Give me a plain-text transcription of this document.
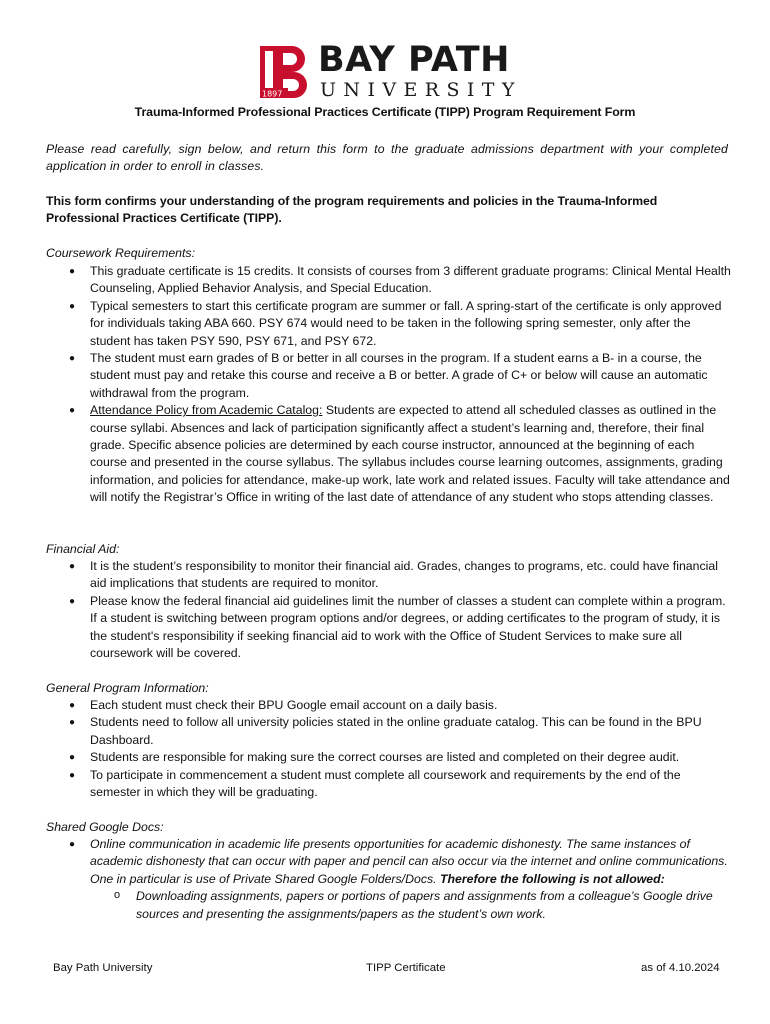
1897
BAY PATH
UNIVERSITY
Trauma-Informed Professional Practices Certificate (TIPP) Program Requirement Form
Please read carefully, sign below, and return this form to the graduate admissions department with your completed application in order to enroll in classes.
This form confirms your understanding of the program requirements and policies in the Trauma-Informed Professional Practices Certificate (TIPP).
Coursework Requirements:
● This graduate certificate is 15 credits. It consists of courses from 3 different graduate programs: Clinical Mental Health Counseling, Applied Behavior Analysis, and Special Education.
● Typical semesters to start this certificate program are summer or fall. A spring-start of the certificate is only approved for individuals taking ABA 660. PSY 674 would need to be taken in the following spring semester, only after the student has taken PSY 590, PSY 671, and PSY 672.
● The student must earn grades of B or better in all courses in the program. If a student earns a B- in a course, the student must pay and retake this course and receive a B or better. A grade of C+ or below will cause an automatic withdrawal from the program.
● Attendance Policy from Academic Catalog: Students are expected to attend all scheduled classes as outlined in the course syllabi. Absences and lack of participation significantly affect a student’s learning and, therefore, their final grade. Specific absence policies are determined by each course instructor, announced at the beginning of each course and presented in the course syllabus. The syllabus includes course learning outcomes, assignments, grading information, and policies for attendance, make-up work, late work and related issues. Faculty will take attendance and will notify the Registrar’s Office in writing of the last date of attendance of any student who stops attending classes.
Financial Aid:
● It is the student’s responsibility to monitor their financial aid. Grades, changes to programs, etc. could have financial aid implications that students are required to monitor.
● Please know the federal financial aid guidelines limit the number of classes a student can complete within a program. If a student is switching between program options and/or degrees, or adding certificates to the program of study, it is the student's responsibility if seeking financial aid to work with the Office of Student Services to make sure all coursework will be covered.
General Program Information:
● Each student must check their BPU Google email account on a daily basis.
● Students need to follow all university policies stated in the online graduate catalog. This can be found in the BPU Dashboard.
● Students are responsible for making sure the correct courses are listed and completed on their degree audit.
● To participate in commencement a student must complete all coursework and requirements by the end of the semester in which they will be graduating.
Shared Google Docs:
● Online communication in academic life presents opportunities for academic dishonesty. The same instances of academic dishonesty that can occur with paper and pencil can also occur via the internet and online communications. One in particular is use of Private Shared Google Folders/Docs. Therefore the following is not allowed:
o Downloading assignments, papers or portions of papers and assignments from a colleague’s Google drive sources and presenting the assignments/papers as the student’s own work.
Bay Path University	TIPP Certificate	as of 4.10.2024
